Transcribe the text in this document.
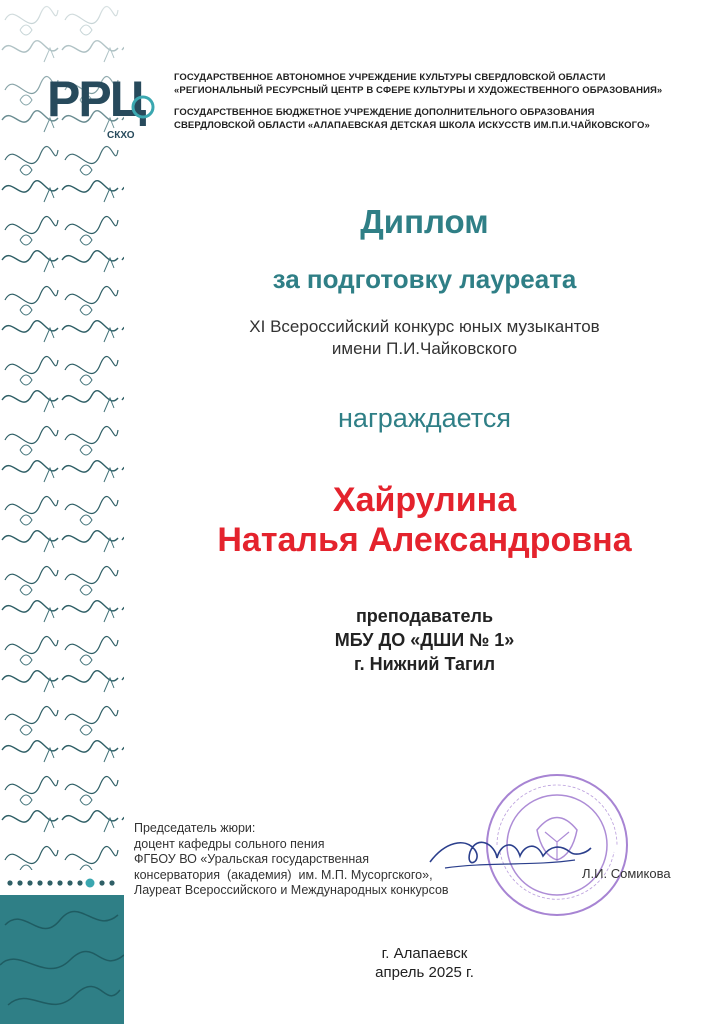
РРЦ
СКХО
ГОСУДАРСТВЕННОЕ АВТОНОМНОЕ УЧРЕЖДЕНИЕ КУЛЬТУРЫ СВЕРДЛОВСКОЙ ОБЛАСТИ
«РЕГИОНАЛЬНЫЙ РЕСУРСНЫЙ ЦЕНТР В СФЕРЕ КУЛЬТУРЫ И ХУДОЖЕСТВЕННОГО ОБРАЗОВАНИЯ»
ГОСУДАРСТВЕННОЕ БЮДЖЕТНОЕ УЧРЕЖДЕНИЕ ДОПОЛНИТЕЛЬНОГО ОБРАЗОВАНИЯ
СВЕРДЛОВСКОЙ ОБЛАСТИ «АЛАПАЕВСКАЯ ДЕТСКАЯ ШКОЛА ИСКУССТВ ИМ.П.И.ЧАЙКОВСКОГО»
Диплом
за подготовку лауреата
XI Всероссийский конкурс юных музыкантов
имени П.И.Чайковского
награждается
Хайрулина
Наталья Александровна
преподаватель
МБУ ДО «ДШИ № 1»
г. Нижний Тагил
Председатель жюри:
доцент кафедры сольного пения
ФГБОУ ВО «Уральская государственная
консерватория  (академия)  им. М.П. Мусоргского»,
Лауреат Всероссийского и Международных конкурсов
Л.И. Сомикова
г. Алапаевск
апрель 2025 г.
